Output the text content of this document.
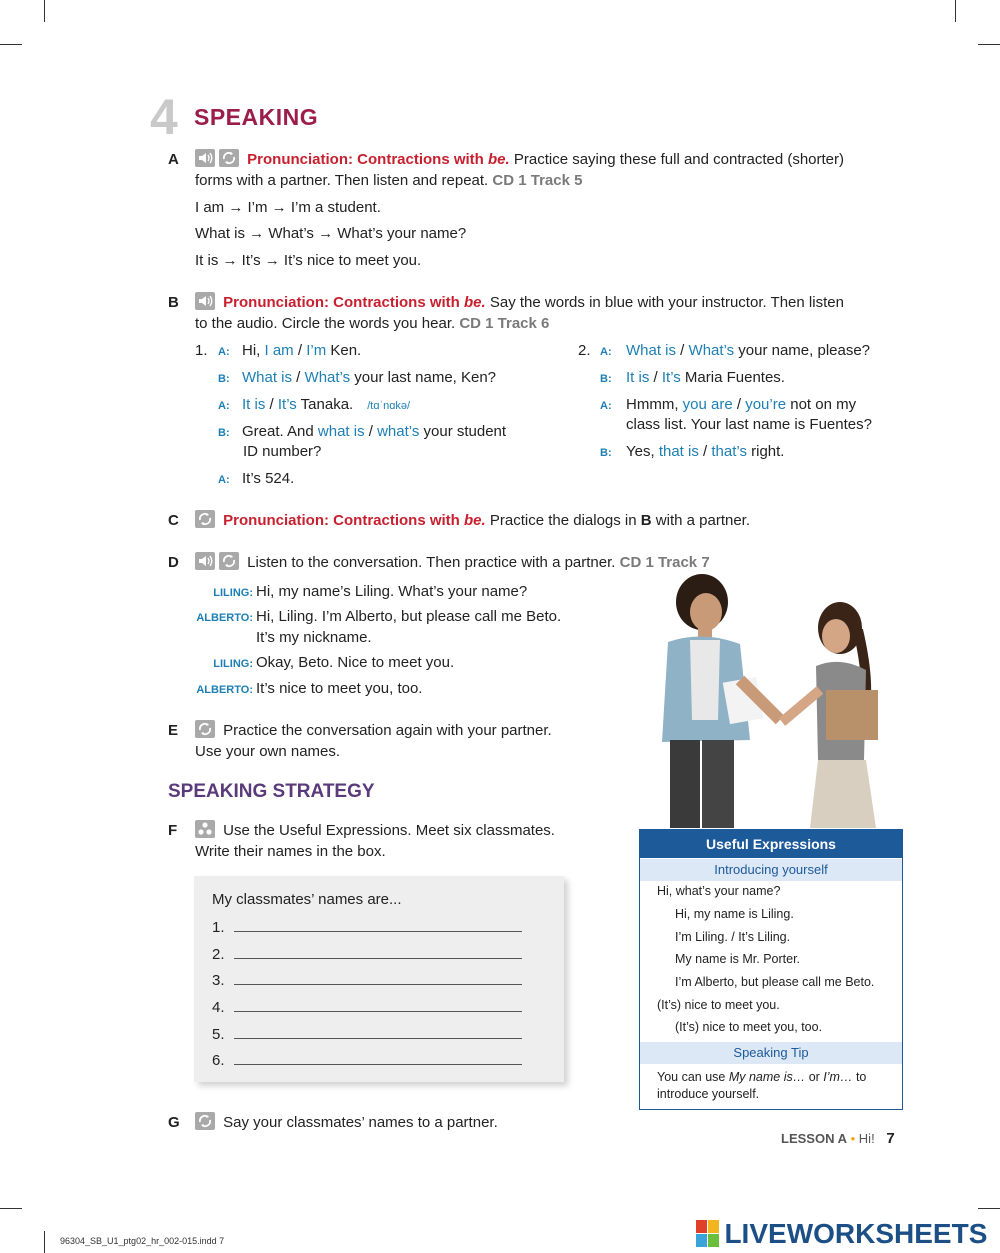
4 SPEAKING
A	Pronunciation: Contractions with be. Practice saying these full and contracted (shorter)
forms with a partner. Then listen and repeat. CD 1 Track 5
I am → I’m → I’m a student.
What is → What’s → What’s your name?
It is → It’s → It’s nice to meet you.
B	Pronunciation: Contractions with be. Say the words in blue with your instructor. Then listen
to the audio. Circle the words you hear. CD 1 Track 6
1. A: Hi, I am / I’m Ken.
B: What is / What’s your last name, Ken?
A: It is / It’s Tanaka. /tɑˈnɑkə/
B: Great. And what is / what’s your student
ID number?
A: It’s 524.
2. A: What is / What’s your name, please?
B: It is / It’s Maria Fuentes.
A: Hmmm, you are / you’re not on my
class list. Your last name is Fuentes?
B: Yes, that is / that’s right.
C	Pronunciation: Contractions with be. Practice the dialogs in B with a partner.
D	Listen to the conversation. Then practice with a partner. CD 1 Track 7
LILING: Hi, my name’s Liling. What’s your name?
ALBERTO: Hi, Liling. I’m Alberto, but please call me Beto.
It’s my nickname.
LILING: Okay, Beto. Nice to meet you.
ALBERTO: It’s nice to meet you, too.
E	Practice the conversation again with your partner.
Use your own names.
SPEAKING STRATEGY
F	Use the Useful Expressions. Meet six classmates.
Write their names in the box.
My classmates’ names are...
1.
2.
3.
4.
5.
6.
G	Say your classmates’ names to a partner.
Useful Expressions
Introducing yourself
Hi, what’s your name?
Hi, my name is Liling.
I’m Liling. / It’s Liling.
My name is Mr. Porter.
I’m Alberto, but please call me Beto.
(It’s) nice to meet you.
(It’s) nice to meet you, too.
Speaking Tip
You can use My name is… or I’m… to
introduce yourself.
LESSON A • Hi! 7
96304_SB_U1_ptg02_hr_002-015.indd 7	LIVEWORKSHEETS
